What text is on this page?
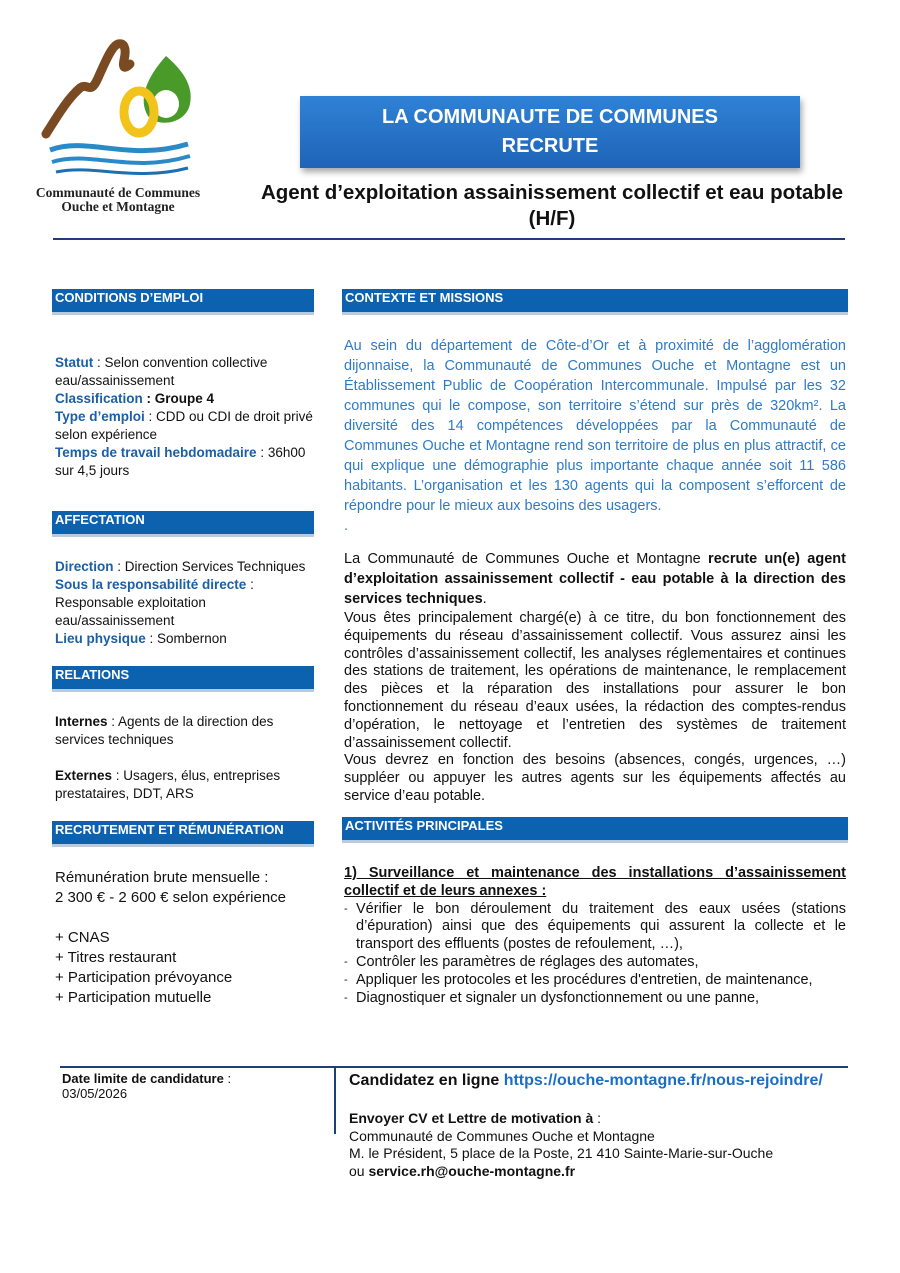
Communauté de Communes
Ouche et Montagne
LA COMMUNAUTE DE COMMUNES
RECRUTE
Agent d’exploitation assainissement collectif et eau potable
(H/F)
CONDITIONS D’EMPLOI
Statut : Selon convention collective eau/assainissement
Classification : Groupe 4
Type d’emploi : CDD ou CDI de droit privé selon expérience
Temps de travail hebdomadaire : 36h00 sur 4,5 jours
AFFECTATION
Direction : Direction Services Techniques
Sous la responsabilité directe : Responsable exploitation eau/assainissement
Lieu physique : Sombernon
RELATIONS
Internes : Agents de la direction des services techniques
Externes : Usagers, élus, entreprises prestataires, DDT, ARS
RECRUTEMENT ET RÉMUNÉRATION
Rémunération brute mensuelle :
2 300 € - 2 600 € selon expérience
+ CNAS
+ Titres restaurant
+ Participation prévoyance
+ Participation mutuelle
CONTEXTE ET MISSIONS
Au sein du département de Côte-d’Or et à proximité de l’agglomération dijonnaise, la Communauté de Communes Ouche et Montagne est un Établissement Public de Coopération Intercommunale. Impulsé par les 32 communes qui le compose, son territoire s’étend sur près de 320km². La diversité des 14 compétences développées par la Communauté de Communes Ouche et Montagne rend son territoire de plus en plus attractif, ce qui explique une démographie plus importante chaque année soit 11 586 habitants. L’organisation et les 130 agents qui la composent s’efforcent de répondre pour le mieux aux besoins des usagers.
.
La Communauté de Communes Ouche et Montagne recrute un(e) agent d’exploitation assainissement collectif - eau potable à la direction des services techniques.
Vous êtes principalement chargé(e) à ce titre, du bon fonctionnement des équipements du réseau d’assainissement collectif. Vous assurez ainsi les contrôles d’assainissement collectif, les analyses réglementaires et continues des stations de traitement, les opérations de maintenance, le remplacement des pièces et la réparation des installations pour assurer le bon fonctionnement du réseau d’eaux usées, la rédaction des comptes-rendus d’opération, le nettoyage et l’entretien des systèmes de traitement d’assainissement collectif.
Vous devrez en fonction des besoins (absences, congés, urgences, …) suppléer ou appuyer les autres agents sur les équipements affectés au service d’eau potable.
ACTIVITÉS PRINCIPALES
1) Surveillance et maintenance des installations d’assainissement collectif et de leurs annexes :
- Vérifier le bon déroulement du traitement des eaux usées (stations d’épuration) ainsi que des équipements qui assurent la collecte et le transport des effluents (postes de refoulement, …),
- Contrôler les paramètres de réglages des automates,
- Appliquer les protocoles et les procédures d'entretien, de maintenance,
- Diagnostiquer et signaler un dysfonctionnement ou une panne,
Date limite de candidature :
03/05/2026
Candidatez en ligne https://ouche-montagne.fr/nous-rejoindre/
Envoyer CV et Lettre de motivation à :
Communauté de Communes Ouche et Montagne
M. le Président, 5 place de la Poste, 21 410 Sainte-Marie-sur-Ouche
ou service.rh@ouche-montagne.fr
